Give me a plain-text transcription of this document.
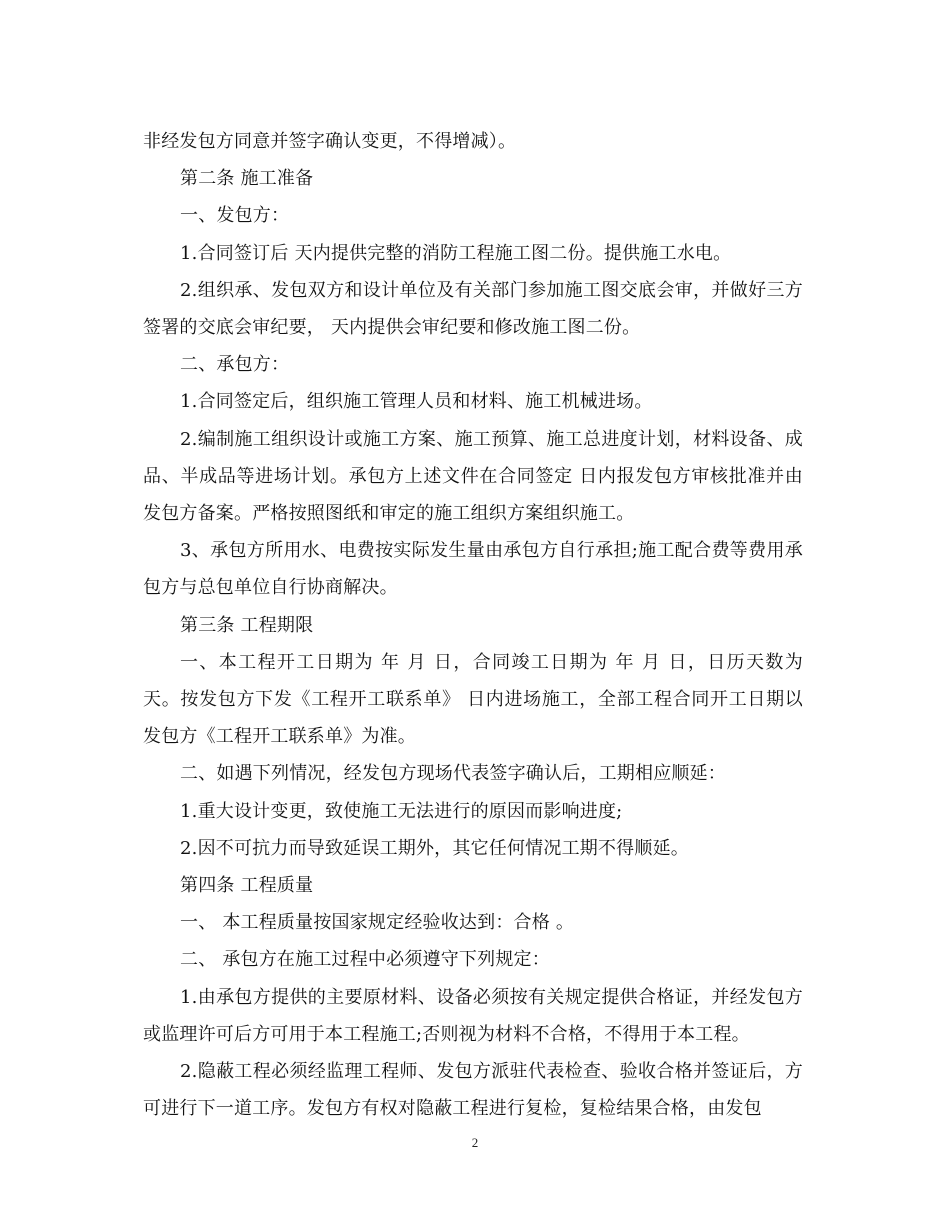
非经发包方同意并签字确认变更，不得增减）。

第二条 施工准备

一、发包方：

1.合同签订后 天内提供完整的消防工程施工图二份。提供施工水电。

2.组织承、发包双方和设计单位及有关部门参加施工图交底会审，并做好三方签署的交底会审纪要， 天内提供会审纪要和修改施工图二份。

二、承包方：

1.合同签定后，组织施工管理人员和材料、施工机械进场。

2.编制施工组织设计或施工方案、施工预算、施工总进度计划，材料设备、成品、半成品等进场计划。承包方上述文件在合同签定 日内报发包方审核批准并由发包方备案。严格按照图纸和审定的施工组织方案组织施工。

3、承包方所用水、电费按实际发生量由承包方自行承担;施工配合费等费用承包方与总包单位自行协商解决。

第三条 工程期限

一、本工程开工日期为 年 月 日，合同竣工日期为 年 月 日，日历天数为 天。按发包方下发《工程开工联系单》 日内进场施工，全部工程合同开工日期以发包方《工程开工联系单》为准。

二、如遇下列情况，经发包方现场代表签字确认后，工期相应顺延：

1.重大设计变更，致使施工无法进行的原因而影响进度;

2.因不可抗力而导致延误工期外，其它任何情况工期不得顺延。

第四条 工程质量

一、 本工程质量按国家规定经验收达到：合格 。

二、 承包方在施工过程中必须遵守下列规定：

1.由承包方提供的主要原材料、设备必须按有关规定提供合格证，并经发包方或监理许可后方可用于本工程施工;否则视为材料不合格，不得用于本工程。

2.隐蔽工程必须经监理工程师、发包方派驻代表检查、验收合格并签证后，方可进行下一道工序。发包方有权对隐蔽工程进行复检，复检结果合格，由发包

2
